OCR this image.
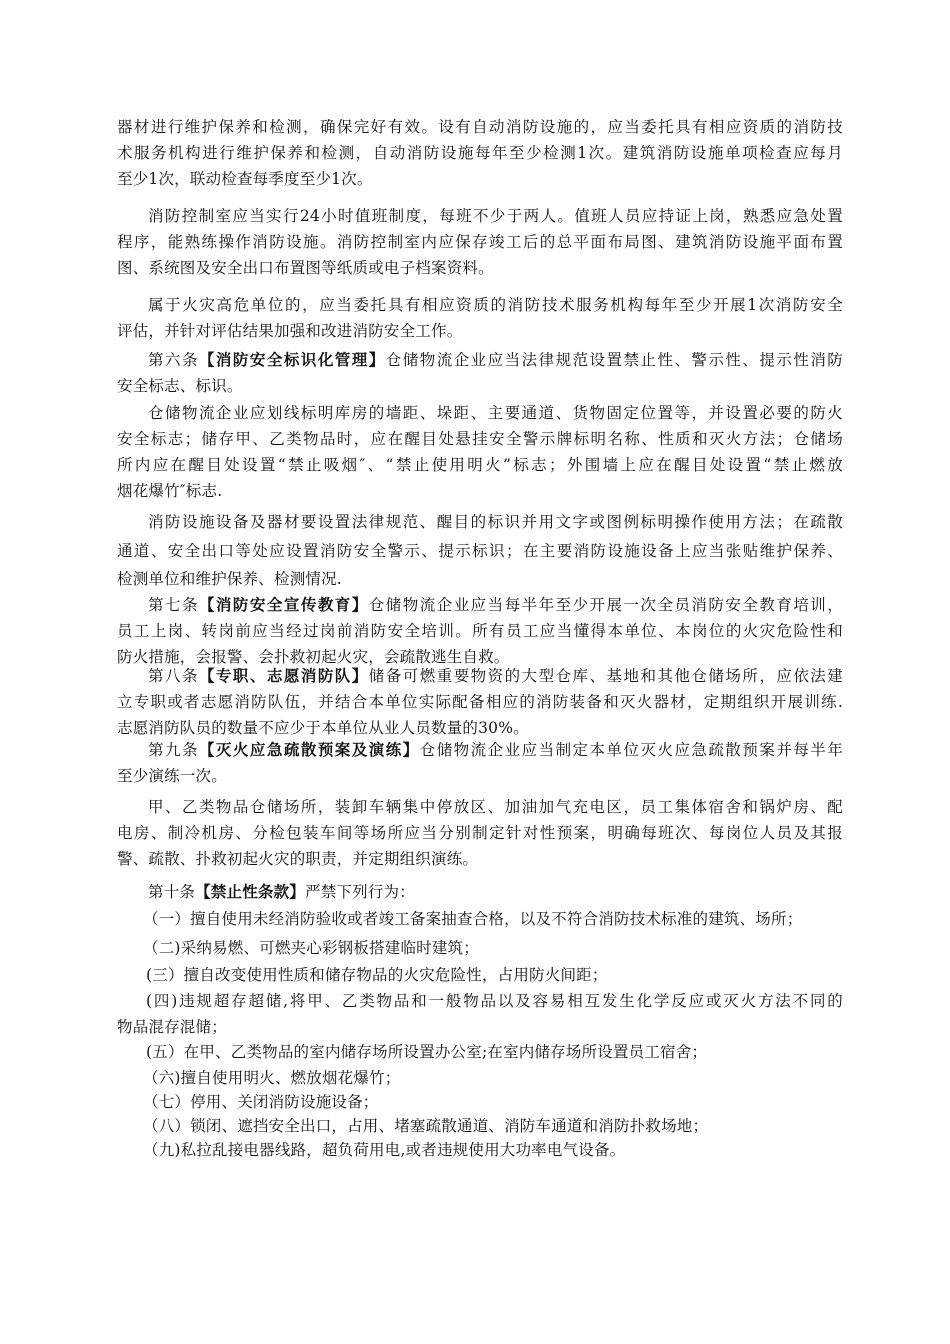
器材进行维护保养和检测，确保完好有效。设有自动消防设施的，应当委托具有相应资质的消防技
术服务机构进行维护保养和检测，自动消防设施每年至少检测1次。建筑消防设施单项检查应每月
至少1次，联动检查每季度至少1次。
消防控制室应当实行24小时值班制度，每班不少于两人。值班人员应持证上岗，熟悉应急处置
程序，能熟练操作消防设施。消防控制室内应保存竣工后的总平面布局图、建筑消防设施平面布置
图、系统图及安全出口布置图等纸质或电子档案资料。
属于火灾高危单位的，应当委托具有相应资质的消防技术服务机构每年至少开展1次消防安全
评估，并针对评估结果加强和改进消防安全工作。
第六条【消防安全标识化管理】仓储物流企业应当法律规范设置禁止性、警示性、提示性消防
安全标志、标识。
仓储物流企业应划线标明库房的墙距、垛距、主要通道、货物固定位置等，并设置必要的防火
安全标志；储存甲、乙类物品时，应在醒目处悬挂安全警示牌标明名称、性质和灭火方法；仓储场
所内应在醒目处设置“禁止吸烟″、“禁止使用明火”标志；外围墙上应在醒目处设置“禁止燃放
烟花爆竹″标志.
消防设施设备及器材要设置法律规范、醒目的标识并用文字或图例标明操作使用方法；在疏散
通道、安全出口等处应设置消防安全警示、提示标识；在主要消防设施设备上应当张贴维护保养、
检测单位和维护保养、检测情况.
第七条【消防安全宣传教育】仓储物流企业应当每半年至少开展一次全员消防安全教育培训，
员工上岗、转岗前应当经过岗前消防安全培训。所有员工应当懂得本单位、本岗位的火灾危险性和
防火措施，会报警、会扑救初起火灾，会疏散逃生自救。
第八条【专职、志愿消防队】储备可燃重要物资的大型仓库、基地和其他仓储场所，应依法建
立专职或者志愿消防队伍，并结合本单位实际配备相应的消防装备和灭火器材，定期组织开展训练.
志愿消防队员的数量不应少于本单位从业人员数量的30%。
第九条【灭火应急疏散预案及演练】仓储物流企业应当制定本单位灭火应急疏散预案并每半年
至少演练一次。
甲、乙类物品仓储场所，装卸车辆集中停放区、加油加气充电区，员工集体宿舍和锅炉房、配
电房、制冷机房、分检包装车间等场所应当分别制定针对性预案，明确每班次、每岗位人员及其报
警、疏散、扑救初起火灾的职责，并定期组织演练。
第十条【禁止性条款】严禁下列行为：
（一）擅自使用未经消防验收或者竣工备案抽查合格，以及不符合消防技术标准的建筑、场所；
（二)采纳易燃、可燃夹心彩钢板搭建临时建筑；
(三）擅自改变使用性质和储存物品的火灾危险性，占用防火间距；
(四)违规超存超储,将甲、乙类物品和一般物品以及容易相互发生化学反应或灭火方法不同的
物品混存混储；
(五）在甲、乙类物品的室内储存场所设置办公室;在室内储存场所设置员工宿舍；
（六)擅自使用明火、燃放烟花爆竹；
（七）停用、关闭消防设施设备；
（八）锁闭、遮挡安全出口，占用、堵塞疏散通道、消防车通道和消防扑救场地；
（九)私拉乱接电器线路，超负荷用电,或者违规使用大功率电气设备。
